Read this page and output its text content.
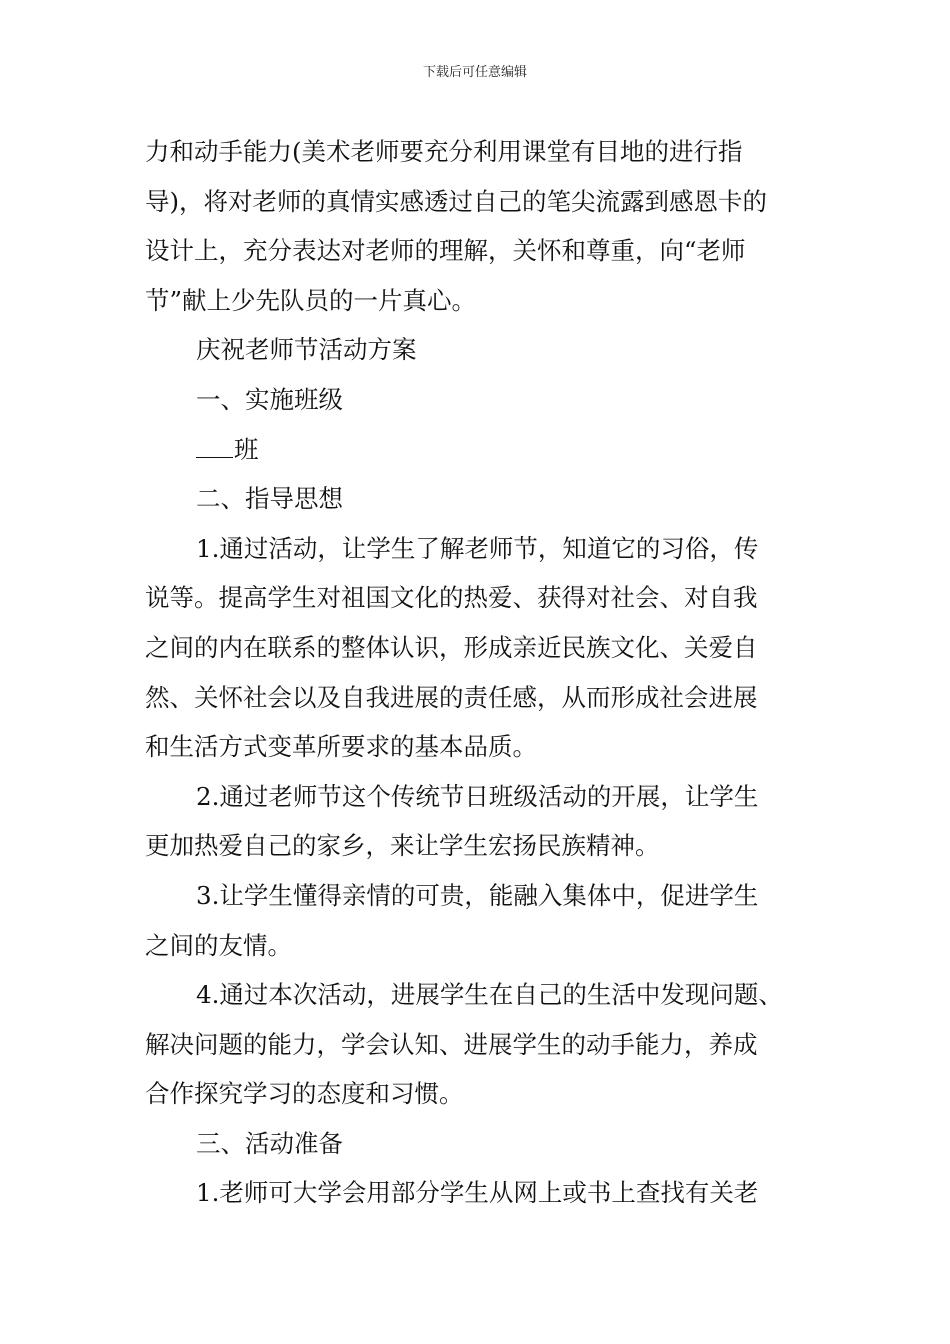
下载后可任意编辑

力和动手能力(美术老师要充分利用课堂有目地的进行指

导)，将对老师的真情实感透过自己的笔尖流露到感恩卡的

设计上，充分表达对老师的理解，关怀和尊重，向“老师

节”献上少先队员的一片真心。

庆祝老师节活动方案

一、实施班级

班

二、指导思想

1.通过活动，让学生了解老师节，知道它的习俗，传

说等。提高学生对祖国文化的热爱、获得对社会、对自我

之间的内在联系的整体认识，形成亲近民族文化、关爱自

然、关怀社会以及自我进展的责任感，从而形成社会进展

和生活方式变革所要求的基本品质。

2.通过老师节这个传统节日班级活动的开展，让学生

更加热爱自己的家乡，来让学生宏扬民族精神。

3.让学生懂得亲情的可贵，能融入集体中，促进学生

之间的友情。

4.通过本次活动，进展学生在自己的生活中发现问题、

解决问题的能力，学会认知、进展学生的动手能力，养成

合作探究学习的态度和习惯。

三、活动准备

1.老师可大学会用部分学生从网上或书上查找有关老
